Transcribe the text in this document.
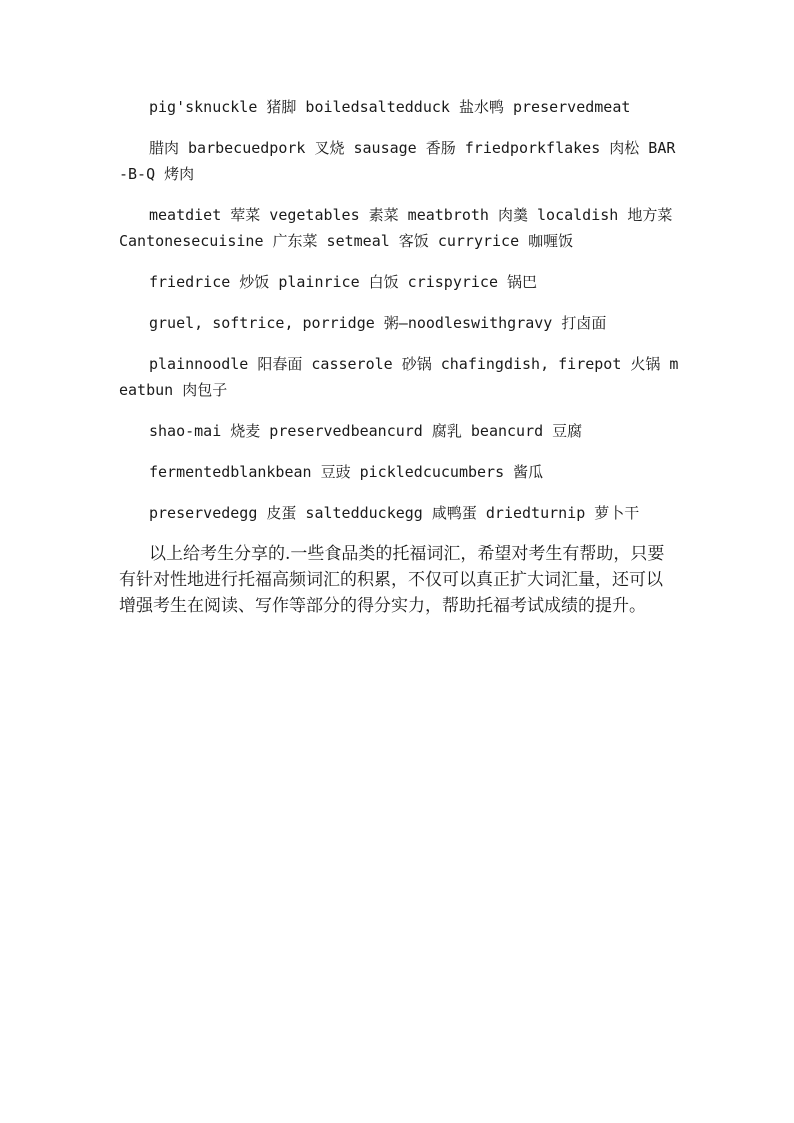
pig'sknuckle 猪脚 boiledsaltedduck 盐水鸭 preservedmeat

腊肉 barbecuedpork 叉烧 sausage 香肠 friedporkflakes 肉松 BAR-B-Q 烤肉

meatdiet 荤菜 vegetables 素菜 meatbroth 肉羹 localdish 地方菜 Cantonesecuisine 广东菜 setmeal 客饭 curryrice 咖喱饭

friedrice 炒饭 plainrice 白饭 crispyrice 锅巴

gruel, softrice, porridge 粥—noodleswithgravy 打卤面

plainnoodle 阳春面 casserole 砂锅 chafingdish, firepot 火锅 meatbun 肉包子

shao-mai 烧麦 preservedbeancurd 腐乳 beancurd 豆腐

fermentedblankbean 豆豉 pickledcucumbers 酱瓜

preservedegg 皮蛋 saltedduckegg 咸鸭蛋 driedturnip 萝卜干

以上给考生分享的.一些食品类的托福词汇，希望对考生有帮助，只要有针对性地进行托福高频词汇的积累，不仅可以真正扩大词汇量，还可以增强考生在阅读、写作等部分的得分实力，帮助托福考试成绩的提升。
